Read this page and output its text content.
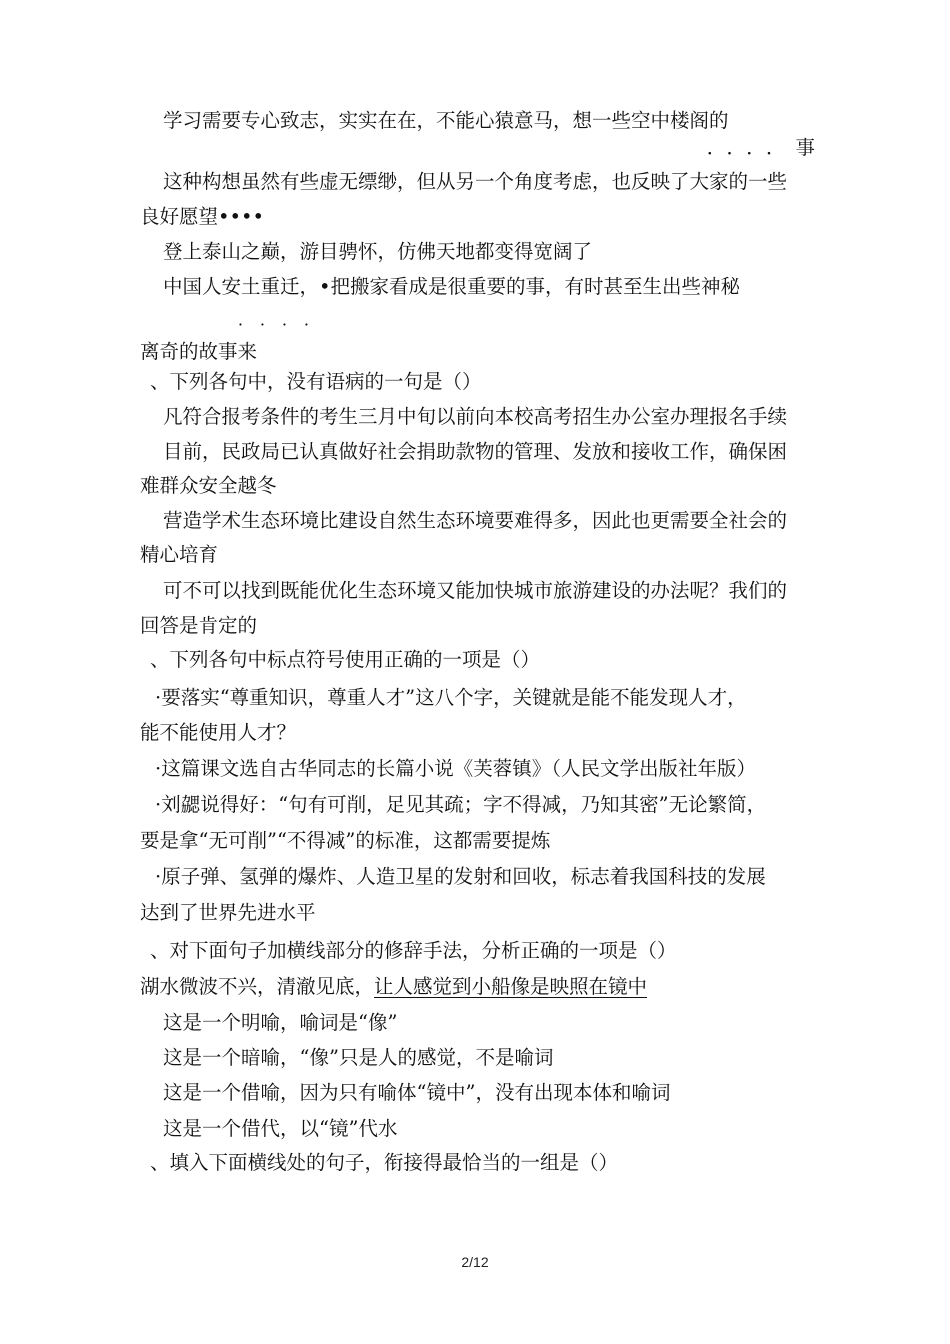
学习需要专心致志，实实在在，不能心猿意马，想一些空中楼阁的
．．．．事
这种构想虽然有些虚无缥缈，但从另一个角度考虑，也反映了大家的一些
良好愿望••••
登上泰山之巅，游目骋怀，仿佛天地都变得宽阔了
中国人安土重迁，•把搬家看成是很重要的事，有时甚至生出些神秘
．．．．
离奇的故事来
、下列各句中，没有语病的一句是（）
凡符合报考条件的考生三月中旬以前向本校高考招生办公室办理报名手续
目前，民政局已认真做好社会捐助款物的管理、发放和接收工作，确保困
难群众安全越冬
营造学术生态环境比建设自然生态环境要难得多，因此也更需要全社会的
精心培育
可不可以找到既能优化生态环境又能加快城市旅游建设的办法呢？我们的
回答是肯定的
、下列各句中标点符号使用正确的一项是（）
·要落实“尊重知识，尊重人才”这八个字，关键就是能不能发现人才，
能不能使用人才？
·这篇课文选自古华同志的长篇小说《芙蓉镇》（人民文学出版社年版）
·刘勰说得好：“句有可削，足见其疏；字不得减，乃知其密”无论繁简，
要是拿“无可削”“不得减”的标准，这都需要提炼
·原子弹、氢弹的爆炸、人造卫星的发射和回收，标志着我国科技的发展
达到了世界先进水平
、对下面句子加横线部分的修辞手法，分析正确的一项是（）
湖水微波不兴，清澈见底，让人感觉到小船像是映照在镜中
这是一个明喻，喻词是“像”
这是一个暗喻，“像”只是人的感觉，不是喻词
这是一个借喻，因为只有喻体“镜中”，没有出现本体和喻词
这是一个借代，以“镜”代水
、填入下面横线处的句子，衔接得最恰当的一组是（）
2/12
